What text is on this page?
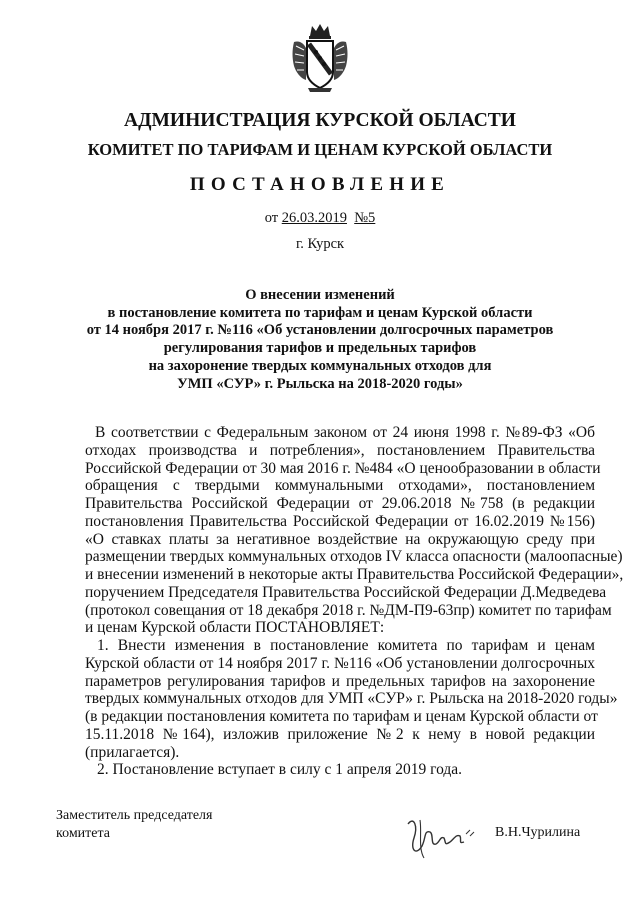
АДМИНИСТРАЦИЯ КУРСКОЙ ОБЛАСТИ
КОМИТЕТ ПО ТАРИФАМ И ЦЕНАМ КУРСКОЙ ОБЛАСТИ
ПОСТАНОВЛЕНИЕ
от 26.03.2019 №5
г. Курск
О внесении изменений
в постановление комитета по тарифам и ценам Курской области
от 14 ноября 2017 г. №116 «Об установлении долгосрочных параметров
регулирования тарифов и предельных тарифов
на захоронение твердых коммунальных отходов для
УМП «СУР» г. Рыльска на 2018-2020 годы»
В соответствии с Федеральным законом от 24 июня 1998 г. №89-ФЗ «Об
отходах производства и потребления», постановлением Правительства
Российской Федерации от 30 мая 2016 г. №484 «О ценообразовании в области
обращения с твердыми коммунальными отходами», постановлением
Правительства Российской Федерации от 29.06.2018 №758 (в редакции
постановления Правительства Российской Федерации от 16.02.2019 №156)
«О ставках платы за негативное воздействие на окружающую среду при
размещении твердых коммунальных отходов IV класса опасности (малоопасные)
и внесении изменений в некоторые акты Правительства Российской Федерации»,
поручением Председателя Правительства Российской Федерации Д.Медведева
(протокол совещания от 18 декабря 2018 г. №ДМ-П9-63пр) комитет по тарифам
и ценам Курской области ПОСТАНОВЛЯЕТ:
1. Внести изменения в постановление комитета по тарифам и ценам
Курской области от 14 ноября 2017 г. №116 «Об установлении долгосрочных
параметров регулирования тарифов и предельных тарифов на захоронение
твердых коммунальных отходов для УМП «СУР» г. Рыльска на 2018-2020 годы»
(в редакции постановления комитета по тарифам и ценам Курской области от
15.11.2018 №164), изложив приложение №2 к нему в новой редакции
(прилагается).
2. Постановление вступает в силу с 1 апреля 2019 года.
Заместитель председателя
комитета	В.Н.Чурилина
